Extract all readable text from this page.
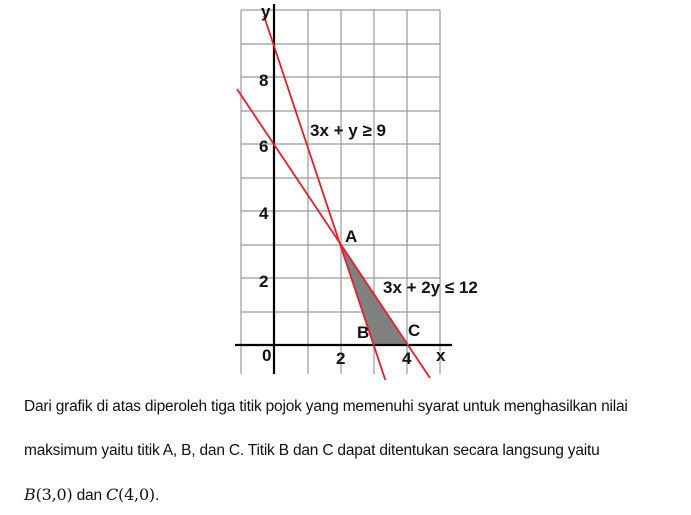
y
x
0	2	4
2
4
6
8
3x + y ≥ 9
3x + 2y ≤ 12
A
B C
Dari grafik di atas diperoleh tiga titik pojok yang memenuhi syarat untuk menghasilkan nilai
maksimum yaitu titik A, B, dan C. Titik B dan C dapat ditentukan secara langsung yaitu
B(3,0) dan C(4,0).
